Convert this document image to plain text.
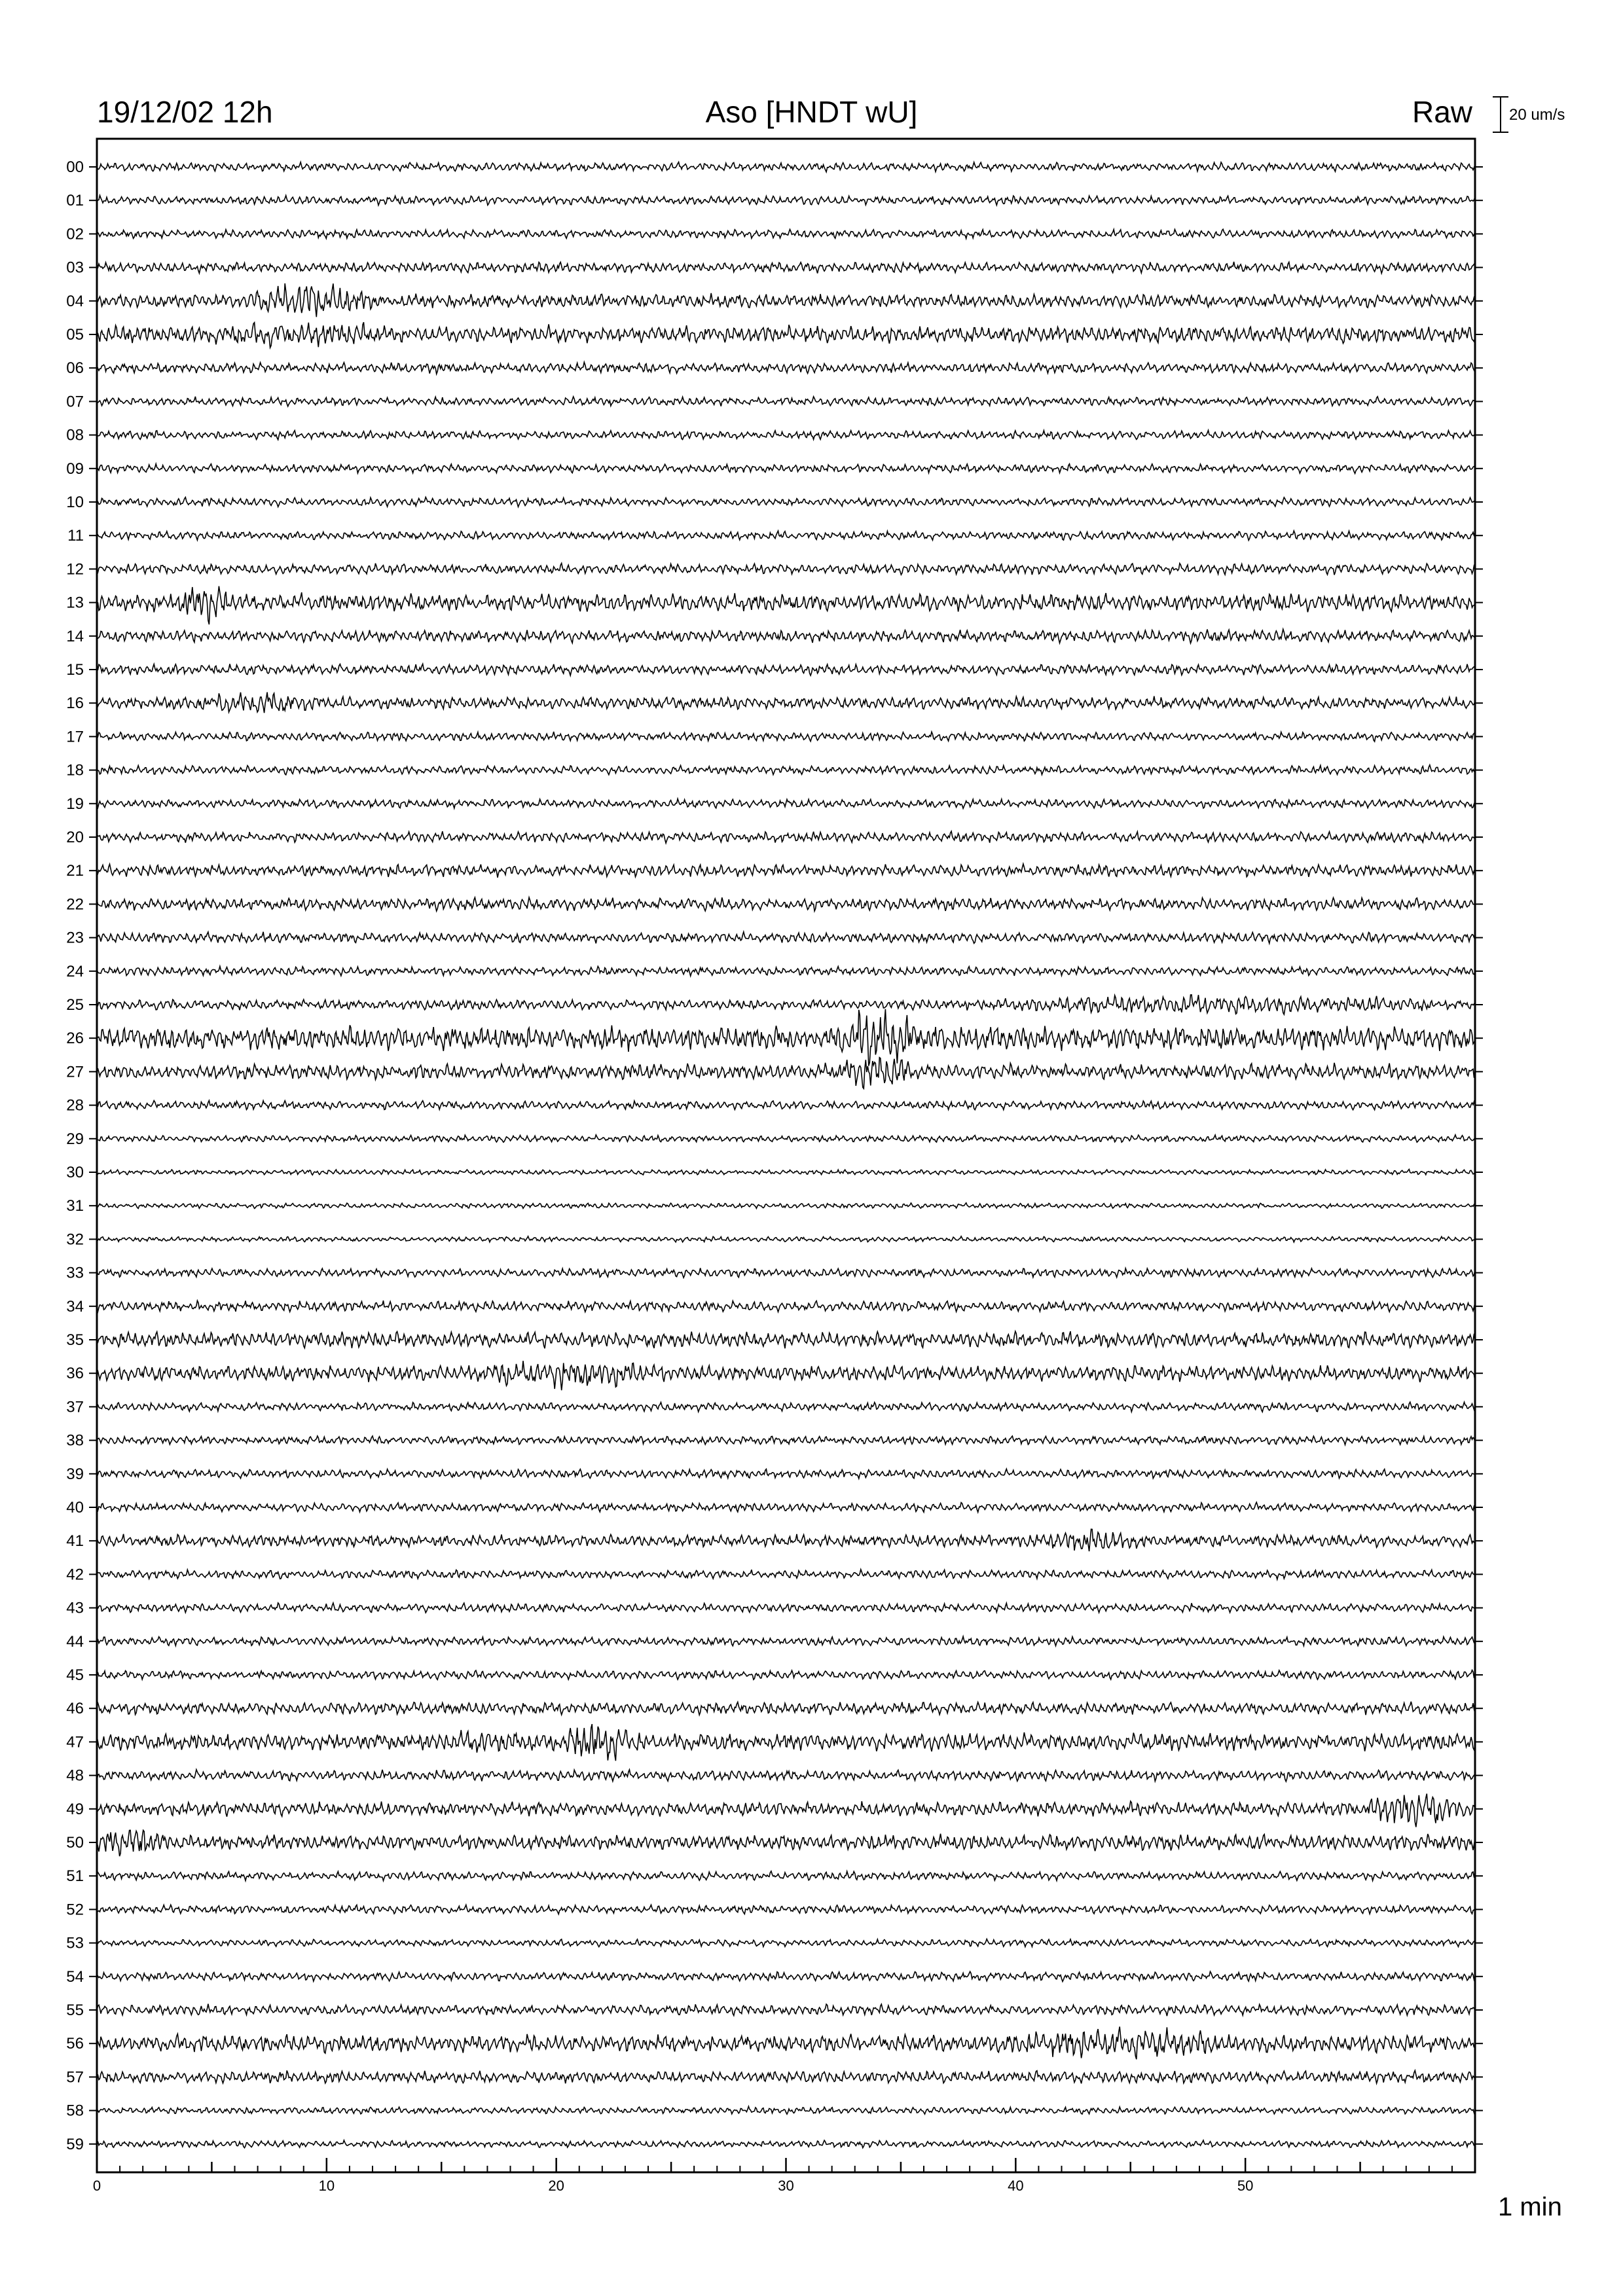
19/12/02 12h	Aso [HNDT wU]	Raw 20 um/s
1 min
00
01
02
03
04
05
06
07
08
09
10
11
12
13
14
15
16
17
18
19
20
21
22
23
24
25
26
27
28
29
30
31
32
33
34
35
36
37
38
39
40
41
42
43
44
45
46
47
48
49
50
51
52
53
54
55
56
57
58
59
0	10	20	30	40	50
